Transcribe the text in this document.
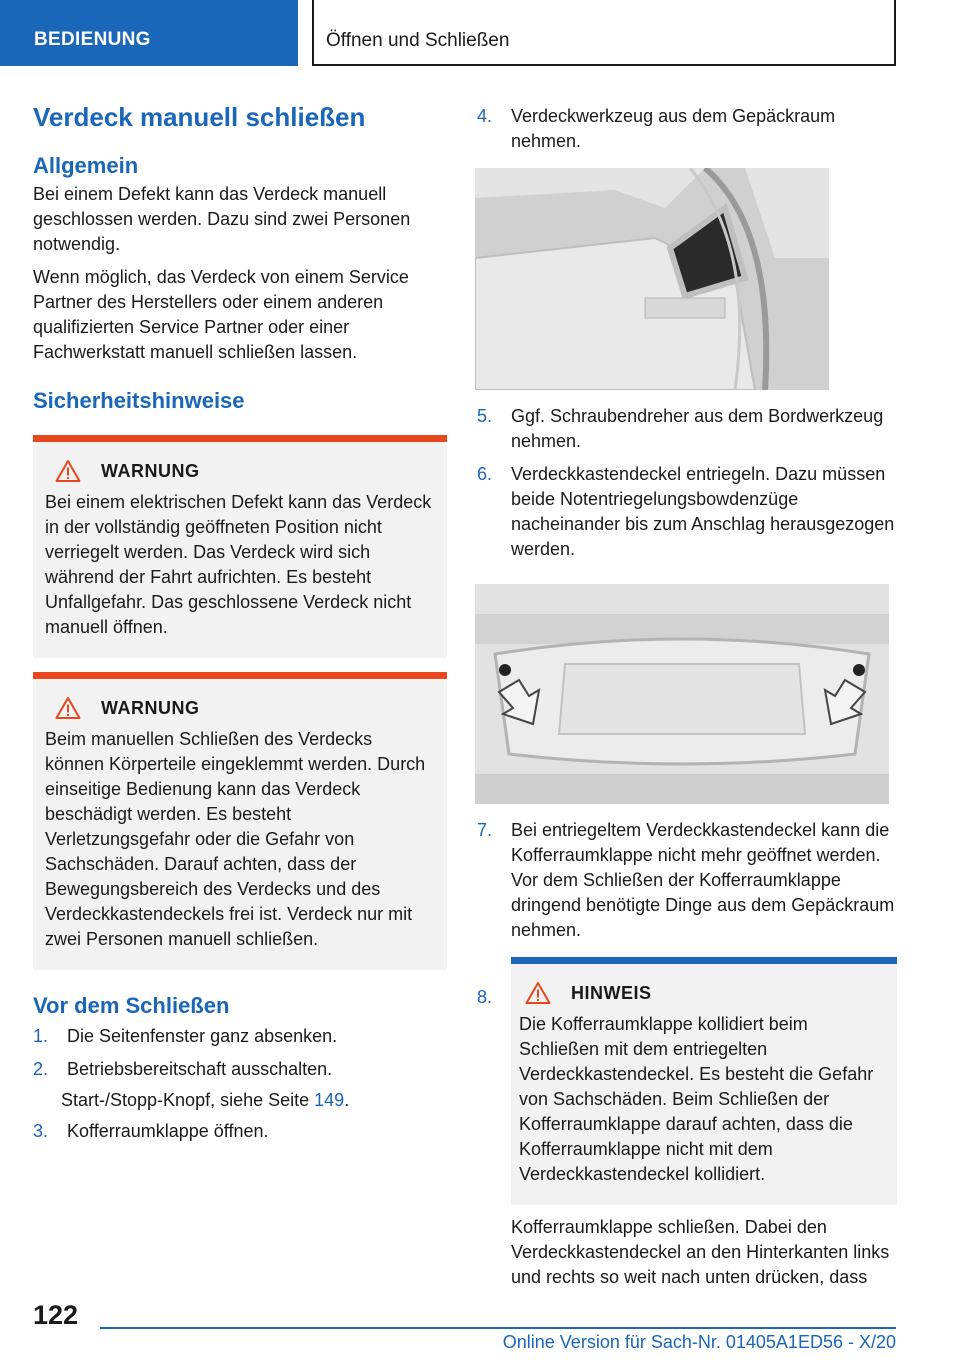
BEDIENUNG	Öffnen und Schließen
Verdeck manuell schließen
Allgemein

Bei einem Defekt kann das Verdeck manuell geschlossen werden. Dazu sind zwei Personen notwendig.

Wenn möglich, das Verdeck von einem Service Partner des Herstellers oder einem anderen qualifizierten Service Partner oder einer Fachwerkstatt manuell schließen lassen.

Sicherheitshinweise
WARNUNG
Bei einem elektrischen Defekt kann das Verdeck in der vollständig geöffneten Position nicht verriegelt werden. Das Verdeck wird sich während der Fahrt aufrichten. Es besteht Unfallgefahr. Das geschlossene Verdeck nicht manuell öffnen.
WARNUNG
Beim manuellen Schließen des Verdecks können Körperteile eingeklemmt werden. Durch einseitige Bedienung kann das Verdeck beschädigt werden. Es besteht Verletzungsgefahr oder die Gefahr von Sachschäden. Darauf achten, dass der Bewegungsbereich des Verdecks und des Verdeckkastendeckels frei ist. Verdeck nur mit zwei Personen manuell schließen.
Vor dem Schließen
1.	Die Seitenfenster ganz absenken.
2.	Betriebsbereitschaft ausschalten.
Start-/Stopp-Knopf, siehe Seite 149.
3.	Kofferraumklappe öffnen.
4.	Verdeckwerkzeug aus dem Gepäckraum nehmen.
5.	Ggf. Schraubendreher aus dem Bordwerkzeug nehmen.
6.	Verdeckkastendeckel entriegeln. Dazu müssen beide Notentriegelungsbowdenzüge nacheinander bis zum Anschlag herausgezogen werden.
7.	Bei entriegeltem Verdeckkastendeckel kann die Kofferraumklappe nicht mehr geöffnet werden. Vor dem Schließen der Kofferraumklappe dringend benötigte Dinge aus dem Gepäckraum nehmen.
8.	HINWEIS
Die Kofferraumklappe kollidiert beim Schließen mit dem entriegelten Verdeckkastendeckel. Es besteht die Gefahr von Sachschäden. Beim Schließen der Kofferraumklappe darauf achten, dass die Kofferraumklappe nicht mit dem Verdeckkastendeckel kollidiert.

Kofferraumklappe schließen. Dabei den Verdeckkastendeckel an den Hinterkanten links und rechts so weit nach unten drücken, dass

122
Online Version für Sach-Nr. 01405A1ED56 - X/20
